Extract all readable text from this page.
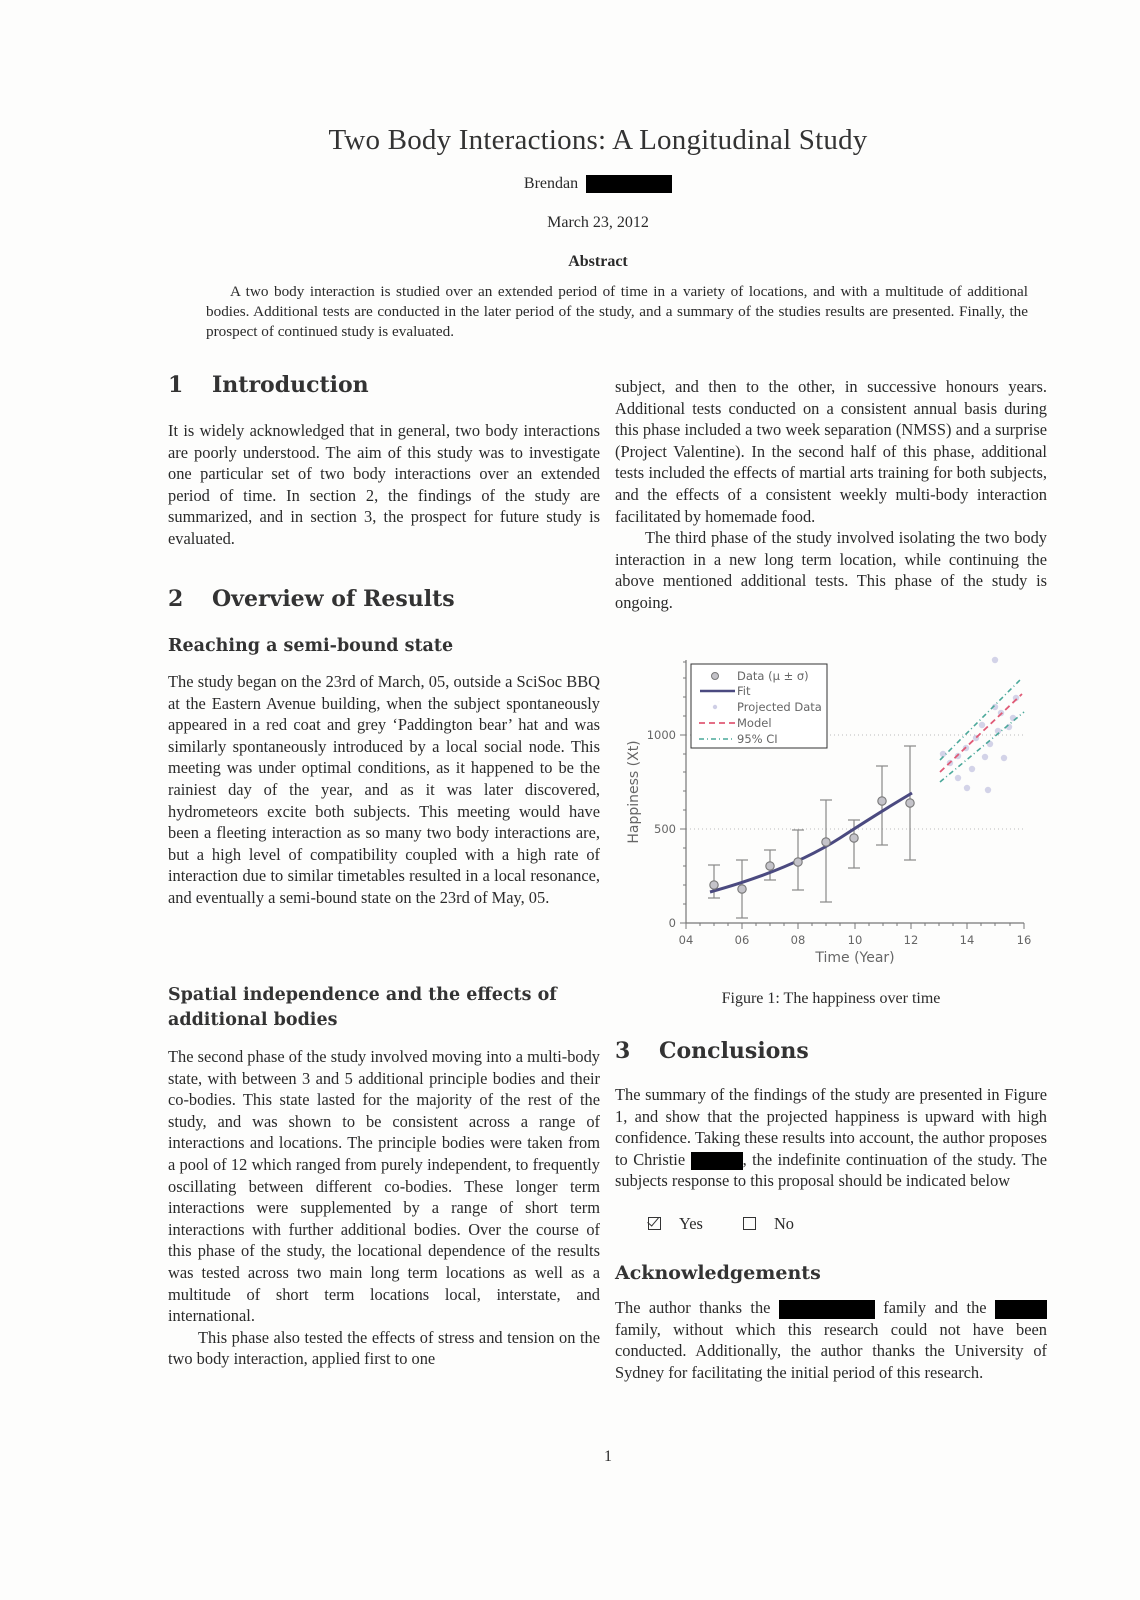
Two Body Interactions: A Longitudinal Study
Brendan
March 23, 2012
Abstract
A two body interaction is studied over an extended period of time in a variety of locations, and with a multitude of additional bodies. Additional tests are conducted in the later period of the study, and a summary of the studies results are presented. Finally, the prospect of continued study is evaluated.
1 Introduction

It is widely acknowledged that in general, two body interactions are poorly understood. The aim of this study was to investigate one particular set of two body interactions over an extended period of time. In section 2, the findings of the study are summarized, and in section 3, the prospect for future study is evaluated.

2 Overview of Results
Reaching a semi-bound state

The study began on the 23rd of March, 05, outside a SciSoc BBQ at the Eastern Avenue building, when the subject spontaneously appeared in a red coat and grey ‘Paddington bear’ hat and was similarly spontaneously introduced by a local social node. This meeting was under optimal conditions, as it happened to be the rainiest day of the year, and as it was later discovered, hydrometeors excite both subjects. This meeting would have been a fleeting interaction as so many two body interactions are, but a high level of compatibility coupled with a high rate of interaction due to similar timetables resulted in a local resonance, and eventually a semi-bound state on the 23rd of May, 05.

Spatial independence and the effects of additional bodies

The second phase of the study involved moving into a multi-body state, with between 3 and 5 additional principle bodies and their co-bodies. This state lasted for the majority of the rest of the study, and was shown to be consistent across a range of interactions and locations. The principle bodies were taken from a pool of 12 which ranged from purely independent, to frequently oscillating between different co-bodies. These longer term interactions were supplemented by a range of short term interactions with further additional bodies. Over the course of this phase of the study, the locational dependence of the results was tested across two main long term locations as well as a multitude of short term locations local, interstate, and international.

This phase also tested the effects of stress and tension on the two body interaction, applied first to one

subject, and then to the other, in successive honours years. Additional tests conducted on a consistent annual basis during this phase included a two week separation (NMSS) and a surprise (Project Valentine). In the second half of this phase, additional tests included the effects of martial arts training for both subjects, and the effects of a consistent weekly multi-body interaction facilitated by homemade food.

The third phase of the study involved isolating the two body interaction in a new long term location, while continuing the above mentioned additional tests. This phase of the study is ongoing.

0
500
1000
04	06	08	10	12	14	16
Time (Year)
Happiness (Xt)
Data (μ ± σ)
Fit
Projected Data
Model
95% CI
Figure 1: The happiness over time
3 Conclusions

The summary of the findings of the study are presented in Figure 1, and show that the projected happiness is upward with high confidence. Taking these results into account, the author proposes to Christie	, the indefinite continuation of the study. The subjects response to this proposal should be indicated below

Yes	No
Acknowledgements

The author thanks the	family and the  family, without which this research could not have been conducted. Additionally, the author thanks the University of Sydney for facilitating the initial period of this research.

1
